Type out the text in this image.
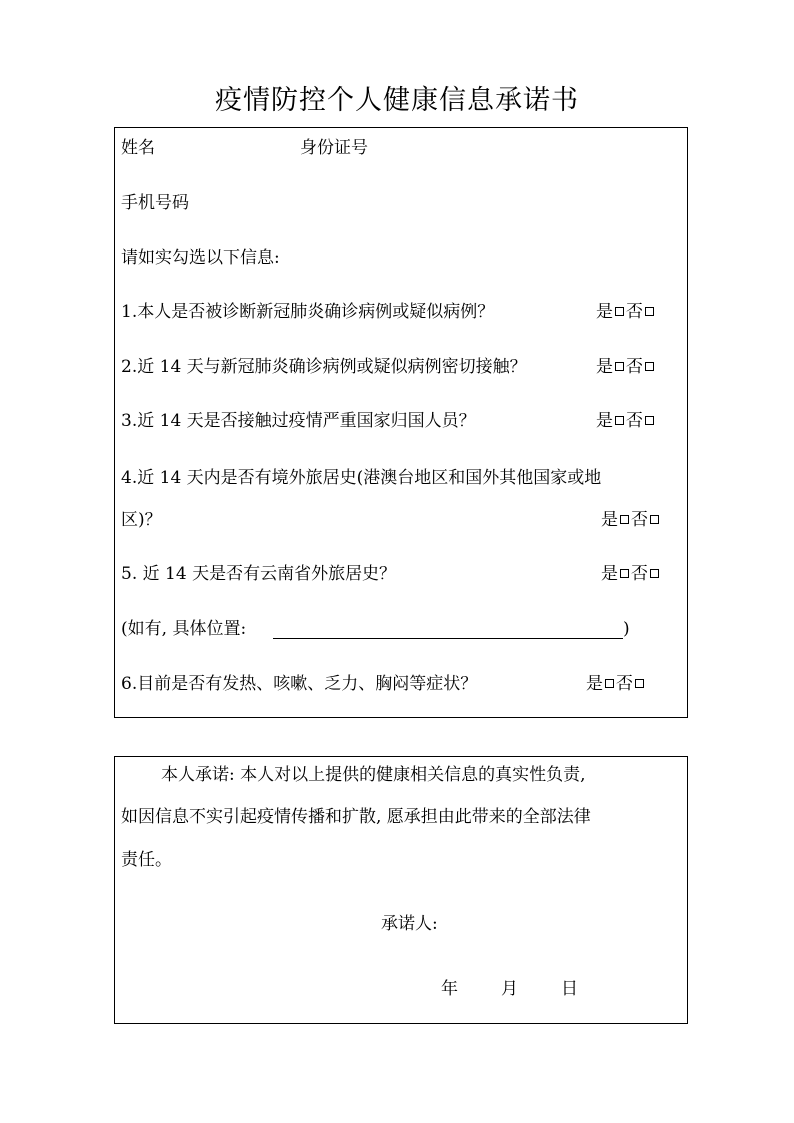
疫情防控个人健康信息承诺书
姓名	身份证号
手机号码
请如实勾选以下信息:
1.本人是否被诊断新冠肺炎确诊病例或疑似病例？	是 否
2.近 14 天与新冠肺炎确诊病例或疑似病例密切接触？	是 否
3.近 14 天是否接触过疫情严重国家归国人员？	是 否
4.近 14 天内是否有境外旅居史(港澳台地区和国外其他国家或地
区)？	是 否
5. 近 14 天是否有云南省外旅居史？	是 否
(如有, 具体位置:	)
6.目前是否有发热、咳嗽、乏力、胸闷等症状？	是 否
本人承诺: 本人对以上提供的健康相关信息的真实性负责,
如因信息不实引起疫情传播和扩散, 愿承担由此带来的全部法律
责任。
承诺人:
年	月	日
